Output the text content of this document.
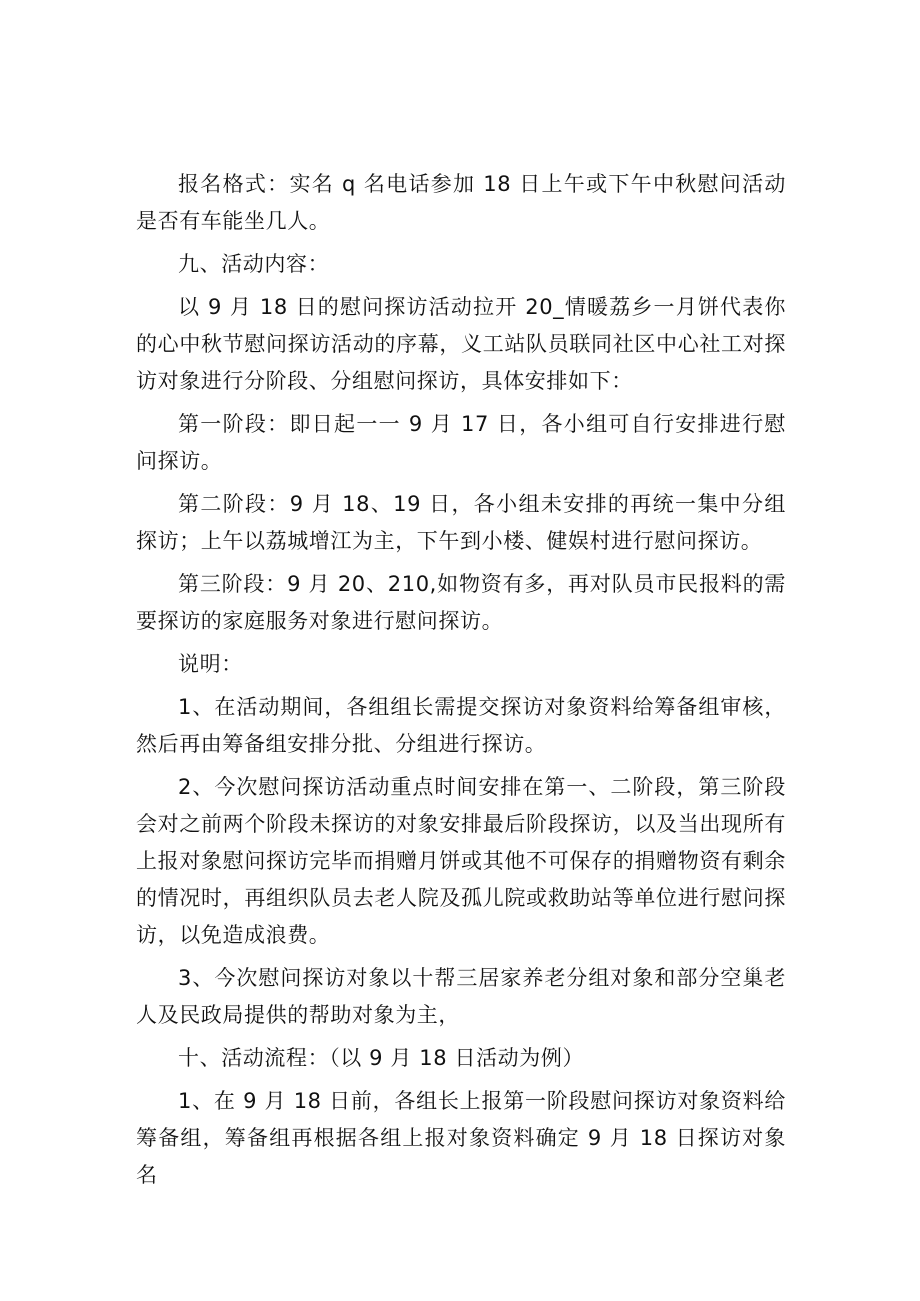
报名格式：实名 q 名电话参加 18 日上午或下午中秋慰问活动是否有车能坐几人。

九、活动内容：

以 9 月 18 日的慰问探访活动拉开 20_情暖荔乡一月饼代表你的心中秋节慰问探访活动的序幕，义工站队员联同社区中心社工对探访对象进行分阶段、分组慰问探访，具体安排如下：

第一阶段：即日起一一 9 月 17 日，各小组可自行安排进行慰问探访。

第二阶段：9 月 18、19 日，各小组未安排的再统一集中分组探访；上午以荔城增江为主，下午到小楼、健娱村进行慰问探访。

第三阶段：9 月 20、210,如物资有多，再对队员市民报料的需要探访的家庭服务对象进行慰问探访。

说明：

1、在活动期间，各组组长需提交探访对象资料给筹备组审核，然后再由筹备组安排分批、分组进行探访。

2、今次慰问探访活动重点时间安排在第一、二阶段，第三阶段会对之前两个阶段未探访的对象安排最后阶段探访，以及当出现所有上报对象慰问探访完毕而捐赠月饼或其他不可保存的捐赠物资有剩余的情况时，再组织队员去老人院及孤儿院或救助站等单位进行慰问探访，以免造成浪费。

3、今次慰问探访对象以十帮三居家养老分组对象和部分空巢老人及民政局提供的帮助对象为主，

十、活动流程：（以 9 月 18 日活动为例）

1、在 9 月 18 日前，各组长上报第一阶段慰问探访对象资料给筹备组，筹备组再根据各组上报对象资料确定 9 月 18 日探访对象名
